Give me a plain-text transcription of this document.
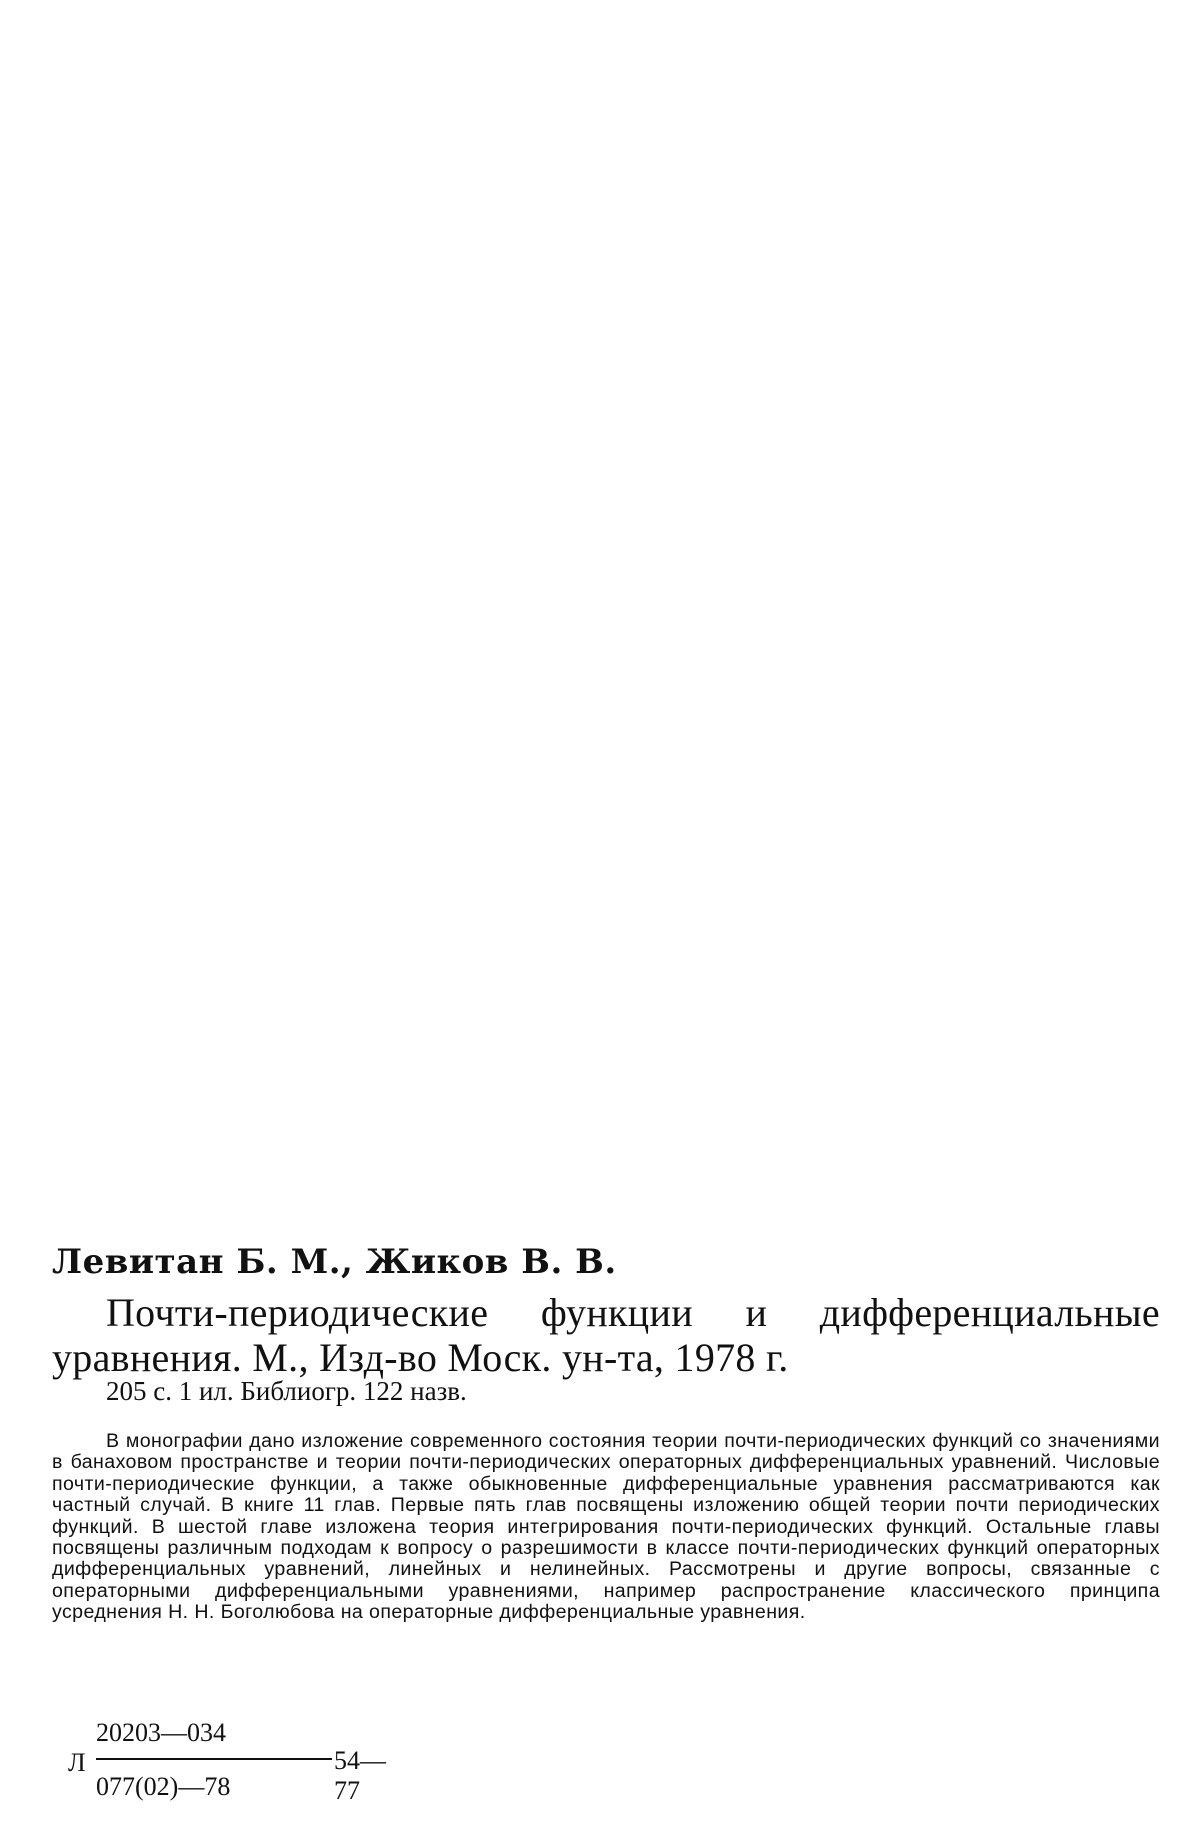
Левитан Б. М., Жиков В. В.
Почти-периодические функции и дифференциальные уравнения. М., Изд-во Моск. ун-та, 1978 г.
205 с. 1 ил. Библиогр. 122 назв.
В монографии дано изложение современного состояния теории почти-периодических функций со значениями в банаховом пространстве и теории почти-периодических операторных дифференциальных уравнений. Числовые почти-периодические функции, а также обыкновенные дифференциальные уравнения рассматриваются как частный случай. В книге 11 глав. Первые пять глав посвящены изложению общей теории почти периодических функций. В шестой главе изложена теория интегрирования почти-периодических функций. Остальные главы посвящены различным подходам к вопросу о разрешимости в классе почти-периодических функций операторных дифференциальных уравнений, линейных и нелинейных. Рассмотрены и другие вопросы, связанные с операторными дифференциальными уравнениями, например распространение классического принципа усреднения Н. Н. Боголюбова на операторные дифференциальные уравнения.
Л
20203—034
077(02)—78
54—77
